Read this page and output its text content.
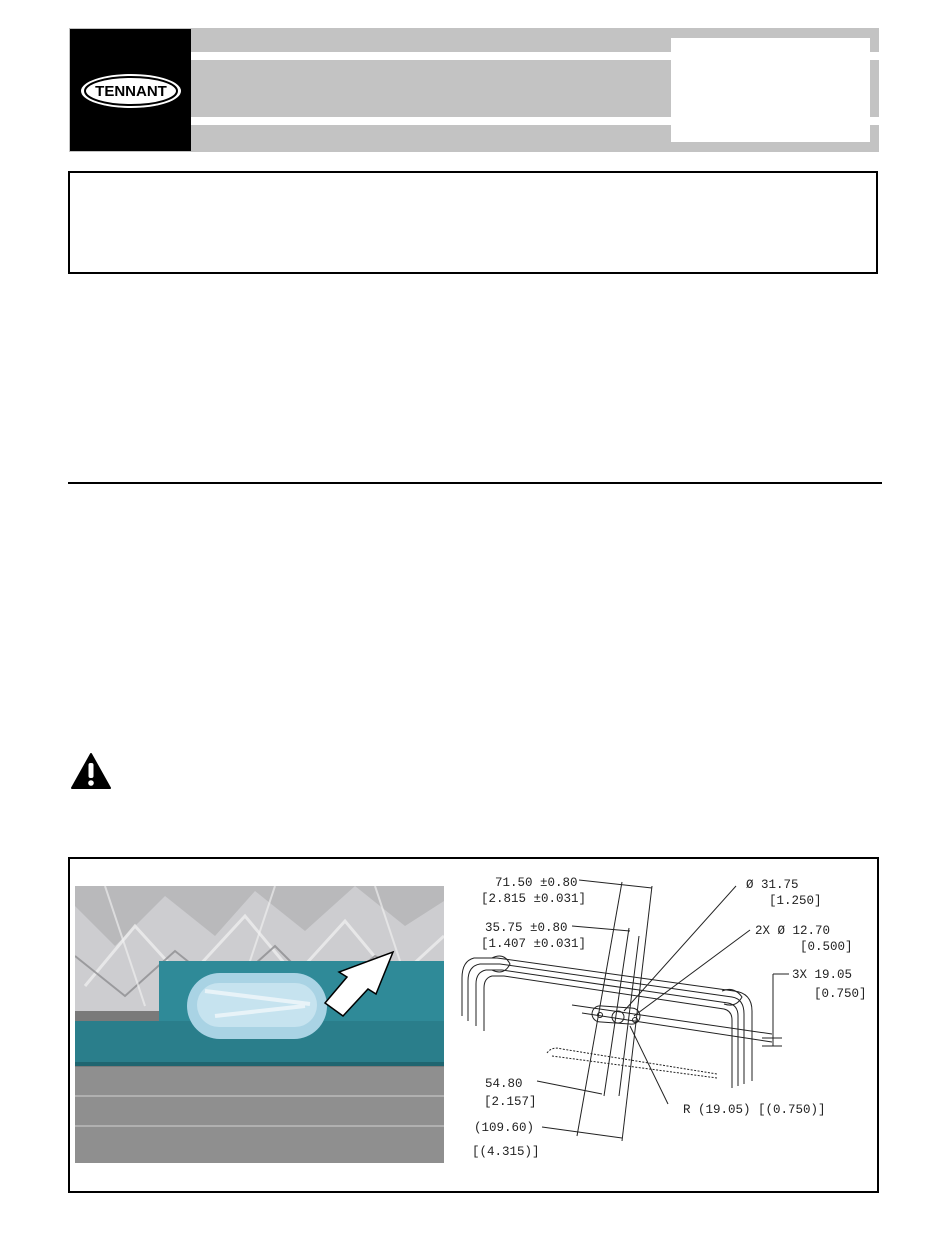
TENNANT
71.50 ±0.80
[2.815 ±0.031]
35.75 ±0.80
[1.407 ±0.031]
Ø 31.75
[1.250]
2X Ø 12.70
[0.500]
3X 19.05
[0.750]
54.80
[2.157]
(109.60)
[(4.315)]
R (19.05) [(0.750)]
